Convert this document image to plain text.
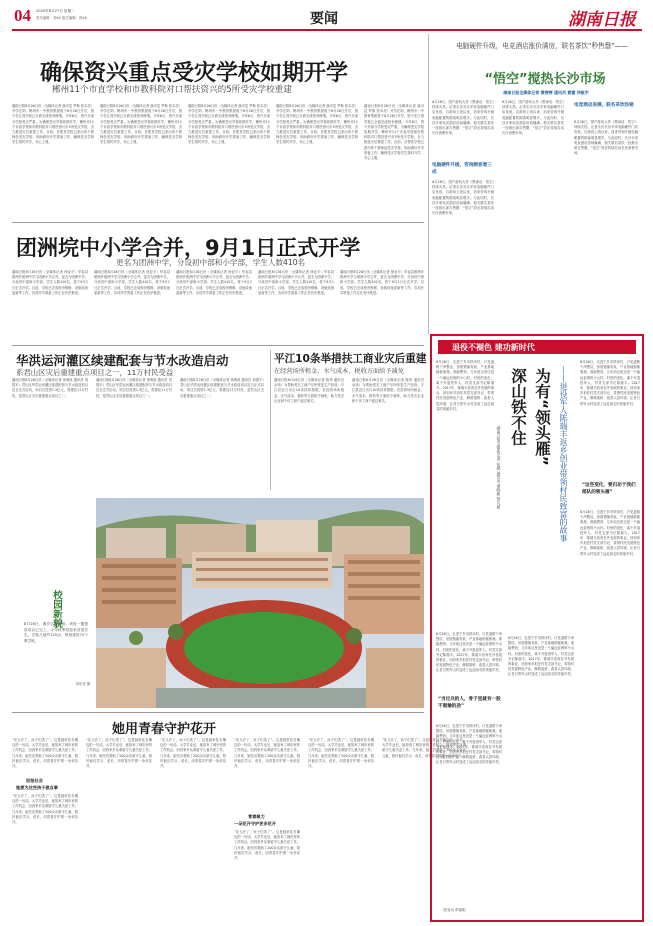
04 2020年8月27日 星期二
责任编辑：刘XX 版式编辑：郭XX	要闻	湖南日报
确保资兴重点受灾学校如期开学
郴州11个市直学校和市教科院对口帮扶资兴的5所受灾学校重建
湖南日报8月26日讯（全媒体记者 谢可昆 罗斯 张本亮）开学在即，郴州市一中教育集团将于8月28日开学，资兴东江湾学校已全面完成校舍修缮。今年8月，资兴市部分学校受灾严重。为确保受灾学校如期开学，郴州市11个市直学校和市教科院对口帮扶资兴市5所受灾学校，全力推进灾后重建工作。目前，各帮扶学校已派出骨干教师赴受灾学校，协助做好开学准备工作，确保受灾学校学生按时开学、安心上课。
湖南日报8月26日讯（全媒体记者 谢可昆 罗斯 张本亮）开学在即，郴州市一中教育集团将于8月28日开学，资兴东江湾学校已全面完成校舍修缮。今年8月，资兴市部分学校受灾严重。为确保受灾学校如期开学，郴州市11个市直学校和市教科院对口帮扶资兴市5所受灾学校，全力推进灾后重建工作。目前，各帮扶学校已派出骨干教师赴受灾学校，协助做好开学准备工作，确保受灾学校学生按时开学、安心上课。
湖南日报8月26日讯（全媒体记者 谢可昆 罗斯 张本亮）开学在即，郴州市一中教育集团将于8月28日开学，资兴东江湾学校已全面完成校舍修缮。今年8月，资兴市部分学校受灾严重。为确保受灾学校如期开学，郴州市11个市直学校和市教科院对口帮扶资兴市5所受灾学校，全力推进灾后重建工作。目前，各帮扶学校已派出骨干教师赴受灾学校，协助做好开学准备工作，确保受灾学校学生按时开学、安心上课。
湖南日报8月26日讯（全媒体记者 谢可昆 罗斯 张本亮）开学在即，郴州市一中教育集团将于8月28日开学，资兴东江湾学校已全面完成校舍修缮。今年8月，资兴市部分学校受灾严重。为确保受灾学校如期开学，郴州市11个市直学校和市教科院对口帮扶资兴市5所受灾学校，全力推进灾后重建工作。目前，各帮扶学校已派出骨干教师赴受灾学校，协助做好开学准备工作，确保受灾学校学生按时开学、安心上课。
湖南日报8月26日讯（全媒体记者 谢可昆 罗斯 张本亮）开学在即，郴州市一中教育集团将于8月28日开学，资兴东江湾学校已全面完成校舍修缮。今年8月，资兴市部分学校受灾严重。为确保受灾学校如期开学，郴州市11个市直学校和市教科院对口帮扶资兴市5所受灾学校，全力推进灾后重建工作。目前，各帮扶学校已派出骨干教师赴受灾学校，协助做好开学准备工作，确保受灾学校学生按时开学、安心上课。
团洲垸中小学合并，9月1日正式开学
更名为团洲中学，分设初中部和小学部，学生人数410名
湖南日报8月26日讯（全媒体记者 徐亚平）华容县团洲乡团洲中学与团洲小学合并，更名为团洲中学，分设初中部和小学部，学生人数410名，将于9月1日正式开学。目前，学校已完成校舍维修、设施设备更新等工作，各项开学准备工作正在有序推进。
湖南日报8月26日讯（全媒体记者 徐亚平）华容县团洲乡团洲中学与团洲小学合并，更名为团洲中学，分设初中部和小学部，学生人数410名，将于9月1日正式开学。目前，学校已完成校舍维修、设施设备更新等工作，各项开学准备工作正在有序推进。
湖南日报8月26日讯（全媒体记者 徐亚平）华容县团洲乡团洲中学与团洲小学合并，更名为团洲中学，分设初中部和小学部，学生人数410名，将于9月1日正式开学。目前，学校已完成校舍维修、设施设备更新等工作，各项开学准备工作正在有序推进。
湖南日报8月26日讯（全媒体记者 徐亚平）华容县团洲乡团洲中学与团洲小学合并，更名为团洲中学，分设初中部和小学部，学生人数410名，将于9月1日正式开学。目前，学校已完成校舍维修、设施设备更新等工作，各项开学准备工作正在有序推进。
湖南日报8月26日讯（全媒体记者 徐亚平）华容县团洲乡团洲中学与团洲小学合并，更名为团洲中学，分设初中部和小学部，学生人数410名，将于9月1日正式开学。目前，学校已完成校舍维修、设施设备更新等工作，各项开学准备工作正在有序推进。
华洪运河灌区续建配套与节水改造启动
系君山区灾后重建重点项目之一，11万村民受益
湖南日报8月26日讯（全媒体记者 徐典波 通讯员 刘国平）君山区华洪运河灌区续建配套与节水改造项目近日正式启动，项目总投资1.3亿元，将惠及11万村民，是君山区灾后重建重点项目之一。
湖南日报8月26日讯（全媒体记者 徐典波 通讯员 刘国平）君山区华洪运河灌区续建配套与节水改造项目近日正式启动，项目总投资1.3亿元，将惠及11万村民，是君山区灾后重建重点项目之一。
湖南日报8月26日讯（全媒体记者 徐典波 通讯员 刘国平）君山区华洪运河灌区续建配套与节水改造项目近日正式启动，项目总投资1.3亿元，将惠及11万村民，是君山区灾后重建重点项目之一。
平江10条举措扶工商业灾后重建
在经营场所租金、水气成本、税收方面给予减免
湖南日报8月26日讯（全媒体记者 陈昂 通讯员 余伟）为帮助受灾工商户尽快恢复生产经营，平江县近日出台10条扶持措施，在经营场所租金、水气成本、税收等方面给予减免，助力受灾企业和个体工商户渡过难关。
湖南日报8月26日讯（全媒体记者 陈昂 通讯员 余伟）为帮助受灾工商户尽快恢复生产经营，平江县近日出台10条扶持措施，在经营场所租金、水气成本、税收等方面给予减免，助力受灾企业和个体工商户渡过难关。
校园新貌
8月26日，湘乡弘毅学校。该校一期建设项目已完工，今年秋季将迎来首批学生。学校占地约120亩，规划建设72个教学班。
刘东亮 摄
她用青春守护花开
“花儿开了，孩子们笑了”。这是她常挂在嘴边的一句话。大学毕业后，她放弃了城市里的工作机会，回到家乡从事留守儿童关爱工作。几年来，她先后帮助了200余名留守儿童，陪伴他们学习、成长，用青春守护着一朵朵花开。
回报社会
她愿为这些孩子做点事
“花儿开了，孩子们笑了”。这是她常挂在嘴边的一句话。大学毕业后，她放弃了城市里的工作机会，回到家乡从事留守儿童关爱工作。几年来，她先后帮助了200余名留守儿童，陪伴他们学习、成长，用青春守护着一朵朵花开。
“花儿开了，孩子们笑了”。这是她常挂在嘴边的一句话。大学毕业后，她放弃了城市里的工作机会，回到家乡从事留守儿童关爱工作。几年来，她先后帮助了200余名留守儿童，陪伴他们学习、成长，用青春守护着一朵朵花开。
“花儿开了，孩子们笑了”。这是她常挂在嘴边的一句话。大学毕业后，她放弃了城市里的工作机会，回到家乡从事留守儿童关爱工作。几年来，她先后帮助了200余名留守儿童，陪伴他们学习、成长，用青春守护着一朵朵花开。
“花儿开了，孩子们笑了”。这是她常挂在嘴边的一句话。大学毕业后，她放弃了城市里的工作机会，回到家乡从事留守儿童关爱工作。几年来，她先后帮助了200余名留守儿童，陪伴他们学习、成长，用青春守护着一朵朵花开。
青春聚力
一朵花开守护更多花开
“花儿开了，孩子们笑了”。这是她常挂在嘴边的一句话。大学毕业后，她放弃了城市里的工作机会，回到家乡从事留守儿童关爱工作。几年来，她先后帮助了200余名留守儿童，陪伴他们学习、成长，用青春守护着一朵朵花开。
“花儿开了，孩子们笑了”。这是她常挂在嘴边的一句话。大学毕业后，她放弃了城市里的工作机会，回到家乡从事留守儿童关爱工作。几年来，她先后帮助了200余名留守儿童，陪伴他们学习、成长，用青春守护着一朵朵花开。
“花儿开了，孩子们笑了”。这是她常挂在嘴边的一句话。大学毕业后，她放弃了城市里的工作机会，回到家乡从事留守儿童关爱工作。几年来，她先后帮助了200余名留守儿童，陪伴他们学习、成长，用青春守护着一朵朵花开。
（张亚兵 李春晓）
电脑硬件升级，电竞酒店涨价满房，联名茶饮“秒售罄”——
“悟空”搅热长沙市场
湖南日报全媒体记者 黄婷婷 通讯员 黄蕾 仲航宇
8月26日，国产游戏大作《黑神话：悟空》持续火热。记者走访长沙多家电脑硬件门店发现，自游戏上线以来，前来咨询升级电脑配置的顾客明显增多。与此同时，长沙多家电竞酒店房间爆满，相关联名茶饮一经推出即告售罄，“悟空”效应持续拉动长沙消费市场。
电脑硬件升级，咨询顾客增三成
8月26日，国产游戏大作《黑神话：悟空》持续火热。记者走访长沙多家电脑硬件门店发现，自游戏上线以来，前来咨询升级电脑配置的顾客明显增多。与此同时，长沙多家电竞酒店房间爆满，相关联名茶饮一经推出即告售罄，“悟空”效应持续拉动长沙消费市场。
8月26日，国产游戏大作《黑神话：悟空》持续火热。记者走访长沙多家电脑硬件门店发现，自游戏上线以来，前来咨询升级电脑配置的顾客明显增多。与此同时，长沙多家电竞酒店房间爆满，相关联名茶饮一经推出即告售罄，“悟空”效应持续拉动长沙消费市场。
电竞酒店房满，联名茶饮热销
8月26日，国产游戏大作《黑神话：悟空》持续火热。记者走访长沙多家电脑硬件门店发现，自游戏上线以来，前来咨询升级电脑配置的顾客明显增多。与此同时，长沙多家电竞酒店房间爆满，相关联名茶饮一经推出即告售罄，“悟空”效应持续拉动长沙消费市场。
退役不褪色 建功新时代
8月26日，走进宁乡市铁冲村，只见道路干净整洁，房屋错落有致，产业基地郁郁葱葱。谁能想到，几年前这里还是一个偏远贫困的小山村。村里的变化，离不开退役军人、村党支部书记陈瑞丰。2017年，陈瑞丰放弃在外发展的事业，回到家乡担任村党支部书记，带领村民发展特色产业，修路架桥、改善人居环境，让昔日的穷山村变成了远近闻名的美丽乡村。	深山铁不住 为有“领头雁”	——退役军人陈瑞丰返乡创业带领村民致富的故事
湖南日报全媒体记者 张斌 通讯员 谭晓彬 曾凡斌
8月26日，走进宁乡市铁冲村，只见道路干净整洁，房屋错落有致，产业基地郁郁葱葱。谁能想到，几年前这里还是一个偏远贫困的小山村。村里的变化，离不开退役军人、村党支部书记陈瑞丰。2017年，陈瑞丰放弃在外发展的事业，回到家乡担任村党支部书记，带领村民发展特色产业，修路架桥、改善人居环境，让昔日的穷山村变成了远近闻名的美丽乡村。
“这些变化，要归功于我们部队的领头雁”
8月26日，走进宁乡市铁冲村，只见道路干净整洁，房屋错落有致，产业基地郁郁葱葱。谁能想到，几年前这里还是一个偏远贫困的小山村。村里的变化，离不开退役军人、村党支部书记陈瑞丰。2017年，陈瑞丰放弃在外发展的事业，回到家乡担任村党支部书记，带领村民发展特色产业，修路架桥、改善人居环境，让昔日的穷山村变成了远近闻名的美丽乡村。
8月26日，走进宁乡市铁冲村，只见道路干净整洁，房屋错落有致，产业基地郁郁葱葱。谁能想到，几年前这里还是一个偏远贫困的小山村。村里的变化，离不开退役军人、村党支部书记陈瑞丰。2017年，陈瑞丰放弃在外发展的事业，回到家乡担任村党支部书记，带领村民发展特色产业，修路架桥、改善人居环境，让昔日的穷山村变成了远近闻名的美丽乡村。
“当过兵的人，骨子里就有一股不服输的劲”
8月26日，走进宁乡市铁冲村，只见道路干净整洁，房屋错落有致，产业基地郁郁葱葱。谁能想到，几年前这里还是一个偏远贫困的小山村。村里的变化，离不开退役军人、村党支部书记陈瑞丰。2017年，陈瑞丰放弃在外发展的事业，回到家乡担任村党支部书记，带领村民发展特色产业，修路架桥、改善人居环境，让昔日的穷山村变成了远近闻名的美丽乡村。
8月26日，走进宁乡市铁冲村，只见道路干净整洁，房屋错落有致，产业基地郁郁葱葱。谁能想到，几年前这里还是一个偏远贫困的小山村。村里的变化，离不开退役军人、村党支部书记陈瑞丰。2017年，陈瑞丰放弃在外发展的事业，回到家乡担任村党支部书记，带领村民发展特色产业，修路架桥、改善人居环境，让昔日的穷山村变成了远近闻名的美丽乡村。
